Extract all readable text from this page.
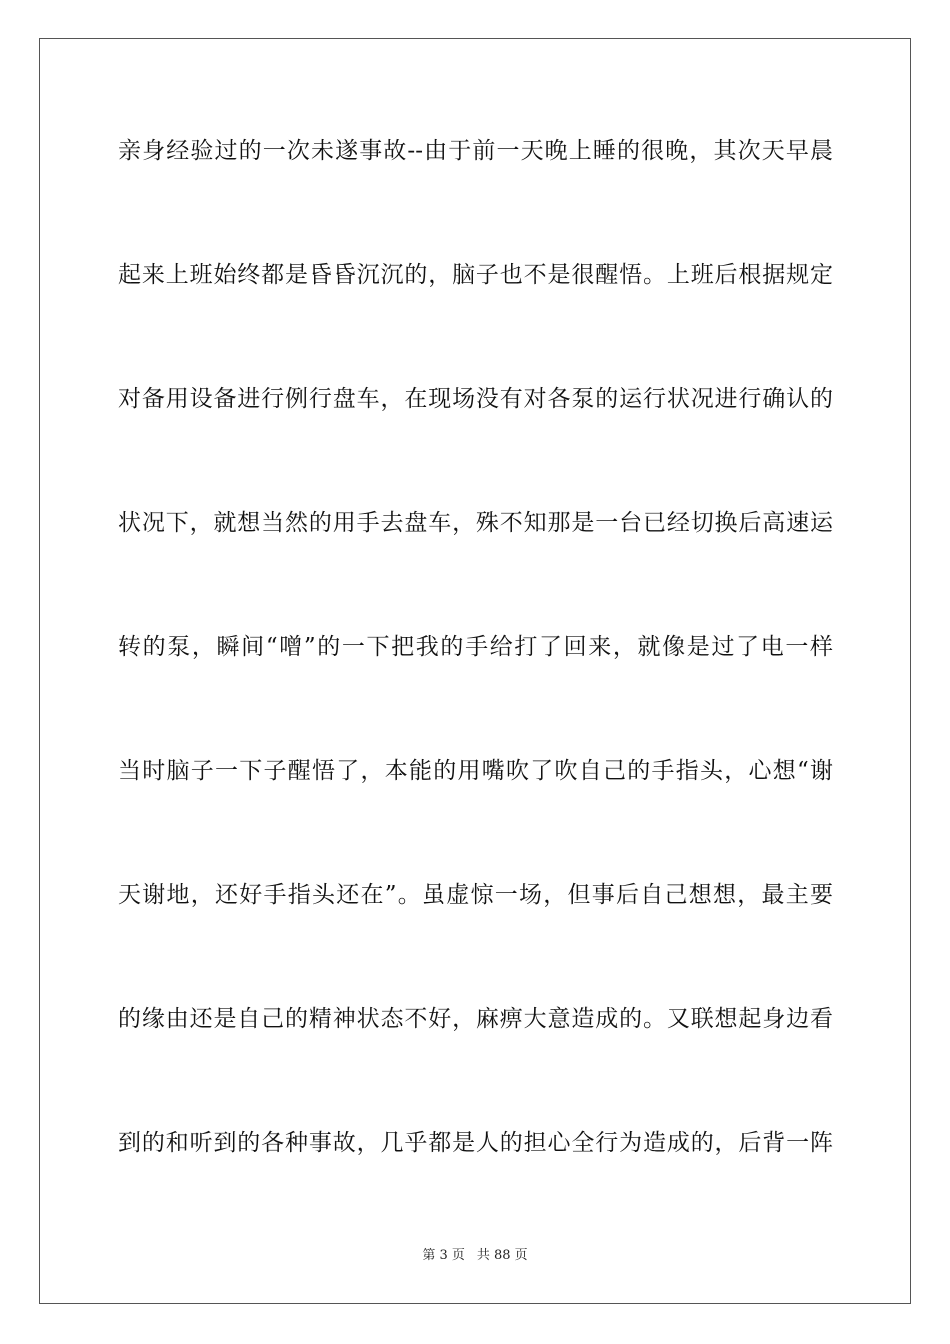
亲身经验过的一次未遂事故--由于前一天晚上睡的很晚，其次天早晨
起来上班始终都是昏昏沉沉的，脑子也不是很醒悟。上班后根据规定
对备用设备进行例行盘车，在现场没有对各泵的运行状况进行确认的
状况下，就想当然的用手去盘车，殊不知那是一台已经切换后高速运
转的泵，瞬间“噌”的一下把我的手给打了回来，就像是过了电一样
当时脑子一下子醒悟了，本能的用嘴吹了吹自己的手指头，心想“谢
天谢地，还好手指头还在”。虽虚惊一场，但事后自己想想，最主要
的缘由还是自己的精神状态不好，麻痹大意造成的。又联想起身边看
到的和听到的各种事故，几乎都是人的担心全行为造成的，后背一阵
第 3 页 共 88 页
